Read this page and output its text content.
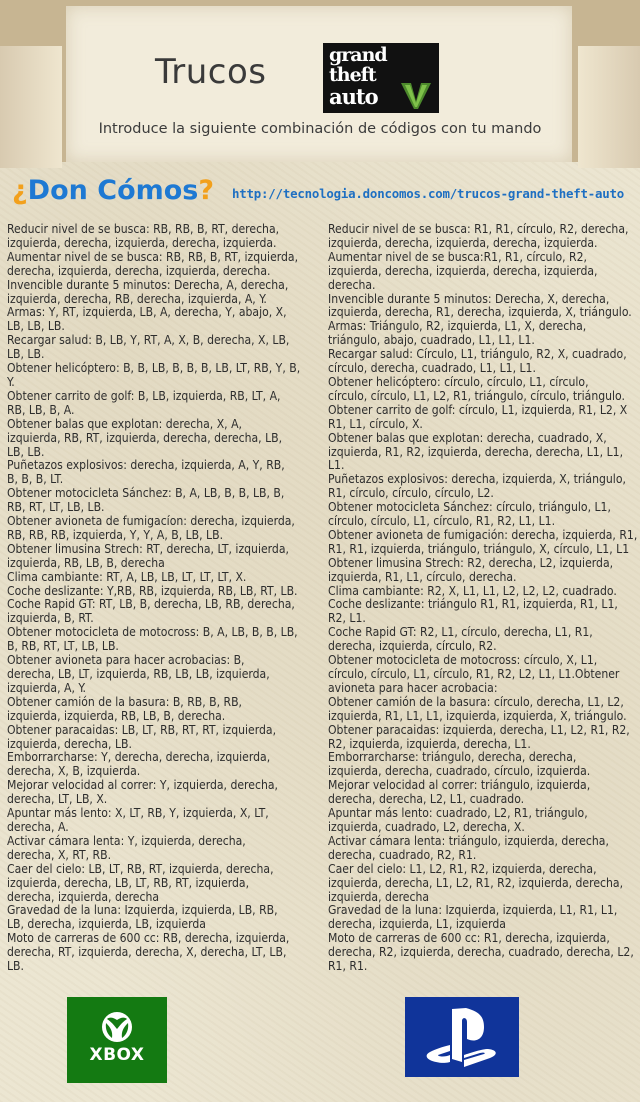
Trucos	grand
theft
auto
Introduce la siguiente combinación de códigos con tu mando
¿Don Cómos? http://tecnologia.doncomos.com/trucos-grand-theft-auto

Reducir nivel de se busca: RB, RB, B, RT, derecha,

izquierda, derecha, izquierda, derecha, izquierda.

Aumentar nivel de se busca: RB, RB, B, RT, izquierda,

derecha, izquierda, derecha, izquierda, derecha.

Invencible durante 5 minutos: Derecha, A, derecha,

izquierda, derecha, RB, derecha, izquierda, A, Y.

Armas: Y, RT, izquierda, LB, A, derecha, Y, abajo, X,

LB, LB, LB.

Recargar salud: B, LB, Y, RT, A, X, B, derecha, X, LB,

LB, LB.

Obtener helicóptero: B, B, LB, B, B, B, LB, LT, RB, Y, B,

Y.

Obtener carrito de golf: B, LB, izquierda, RB, LT, A,

RB, LB, B, A.

Obtener balas que explotan: derecha, X, A,

izquierda, RB, RT, izquierda, derecha, derecha, LB,

LB, LB.

Puñetazos explosivos: derecha, izquierda, A, Y, RB,

B, B, B, LT.

Obtener motocicleta Sánchez: B, A, LB, B, B, LB, B,

RB, RT, LT, LB, LB.

Obtener avioneta de fumigacíon: derecha, izquierda,

RB, RB, RB, izquierda, Y, Y, A, B, LB, LB.

Obtener limusina Strech: RT, derecha, LT, izquierda,

izquierda, RB, LB, B, derecha

Clima cambiante: RT, A, LB, LB, LT, LT, LT, X.

Coche deslizante: Y,RB, RB, izquierda, RB, LB, RT, LB.

Coche Rapid GT: RT, LB, B, derecha, LB, RB, derecha,

izquierda, B, RT.

Obtener motocicleta de motocross: B, A, LB, B, B, LB,

B, RB, RT, LT, LB, LB.

Obtener avioneta para hacer acrobacias: B,

derecha, LB, LT, izquierda, RB, LB, LB, izquierda,

izquierda, A, Y.

Obtener camión de la basura: B, RB, B, RB,

izquierda, izquierda, RB, LB, B, derecha.

Obtener paracaidas: LB, LT, RB, RT, RT, izquierda,

izquierda, derecha, LB.

Emborrarcharse: Y, derecha, derecha, izquierda,

derecha, X, B, izquierda.

Mejorar velocidad al correr: Y, izquierda, derecha,

derecha, LT, LB, X.

Apuntar más lento: X, LT, RB, Y, izquierda, X, LT,

derecha, A.

Activar cámara lenta: Y, izquierda, derecha,

derecha, X, RT, RB.

Caer del cielo: LB, LT, RB, RT, izquierda, derecha,

izquierda, derecha, LB, LT, RB, RT, izquierda,

derecha, izquierda, derecha

Gravedad de la luna: Izquierda, izquierda, LB, RB,

LB, derecha, izquierda, LB, izquierda

Moto de carreras de 600 cc: RB, derecha, izquierda,

derecha, RT, izquierda, derecha, X, derecha, LT, LB,

LB.

Reducir nivel de se busca: R1, R1, círculo, R2, derecha,

izquierda, derecha, izquierda, derecha, izquierda.

Aumentar nivel de se busca:R1, R1, círculo, R2,

izquierda, derecha, izquierda, derecha, izquierda,

derecha.

Invencible durante 5 minutos: Derecha, X, derecha,

izquierda, derecha, R1, derecha, izquierda, X, triángulo.

Armas: Triángulo, R2, izquierda, L1, X, derecha,

triángulo, abajo, cuadrado, L1, L1, L1.

Recargar salud: Círculo, L1, triángulo, R2, X, cuadrado,

círculo, derecha, cuadrado, L1, L1, L1.

Obtener helicóptero: círculo, círculo, L1, círculo,

círculo, círculo, L1, L2, R1, triángulo, círculo, triángulo.

Obtener carrito de golf: círculo, L1, izquierda, R1, L2, X

R1, L1, círculo, X.

Obtener balas que explotan: derecha, cuadrado, X,

izquierda, R1, R2, izquierda, derecha, derecha, L1, L1,

L1.

Puñetazos explosivos: derecha, izquierda, X, triángulo,

R1, círculo, círculo, círculo, L2.

Obtener motocicleta Sánchez: círculo, triángulo, L1,

círculo, círculo, L1, círculo, R1, R2, L1, L1.

Obtener avioneta de fumigación: derecha, izquierda, R1,

R1, R1, izquierda, triángulo, triángulo, X, círculo, L1, L1

Obtener limusina Strech: R2, derecha, L2, izquierda,

izquierda, R1, L1, círculo, derecha.

Clima cambiante: R2, X, L1, L1, L2, L2, L2, cuadrado.

Coche deslizante: triángulo R1, R1, izquierda, R1, L1,

R2, L1.

Coche Rapid GT: R2, L1, círculo, derecha, L1, R1,

derecha, izquierda, círculo, R2.

Obtener motocicleta de motocross: círculo, X, L1,

círculo, círculo, L1, círculo, R1, R2, L2, L1, L1.Obtener

avioneta para hacer acrobacia:

Obtener camión de la basura: círculo, derecha, L1, L2,

izquierda, R1, L1, L1, izquierda, izquierda, X, triángulo.

Obtener paracaidas: izquierda, derecha, L1, L2, R1, R2,

R2, izquierda, izquierda, derecha, L1.

Emborrarcharse: triángulo, derecha, derecha,

izquierda, derecha, cuadrado, círculo, izquierda.

Mejorar velocidad al correr: triángulo, izquierda,

derecha, derecha, L2, L1, cuadrado.

Apuntar más lento: cuadrado, L2, R1, triángulo,

izquierda, cuadrado, L2, derecha, X.

Activar cámara lenta: triángulo, izquierda, derecha,

derecha, cuadrado, R2, R1.

Caer del cielo: L1, L2, R1, R2, izquierda, derecha,

izquierda, derecha, L1, L2, R1, R2, izquierda, derecha,

izquierda, derecha

Gravedad de la luna: Izquierda, izquierda, L1, R1, L1,

derecha, izquierda, L1, izquierda

Moto de carreras de 600 cc: R1, derecha, izquierda,

derecha, R2, izquierda, derecha, cuadrado, derecha, L2,

R1, R1.

XBOX
